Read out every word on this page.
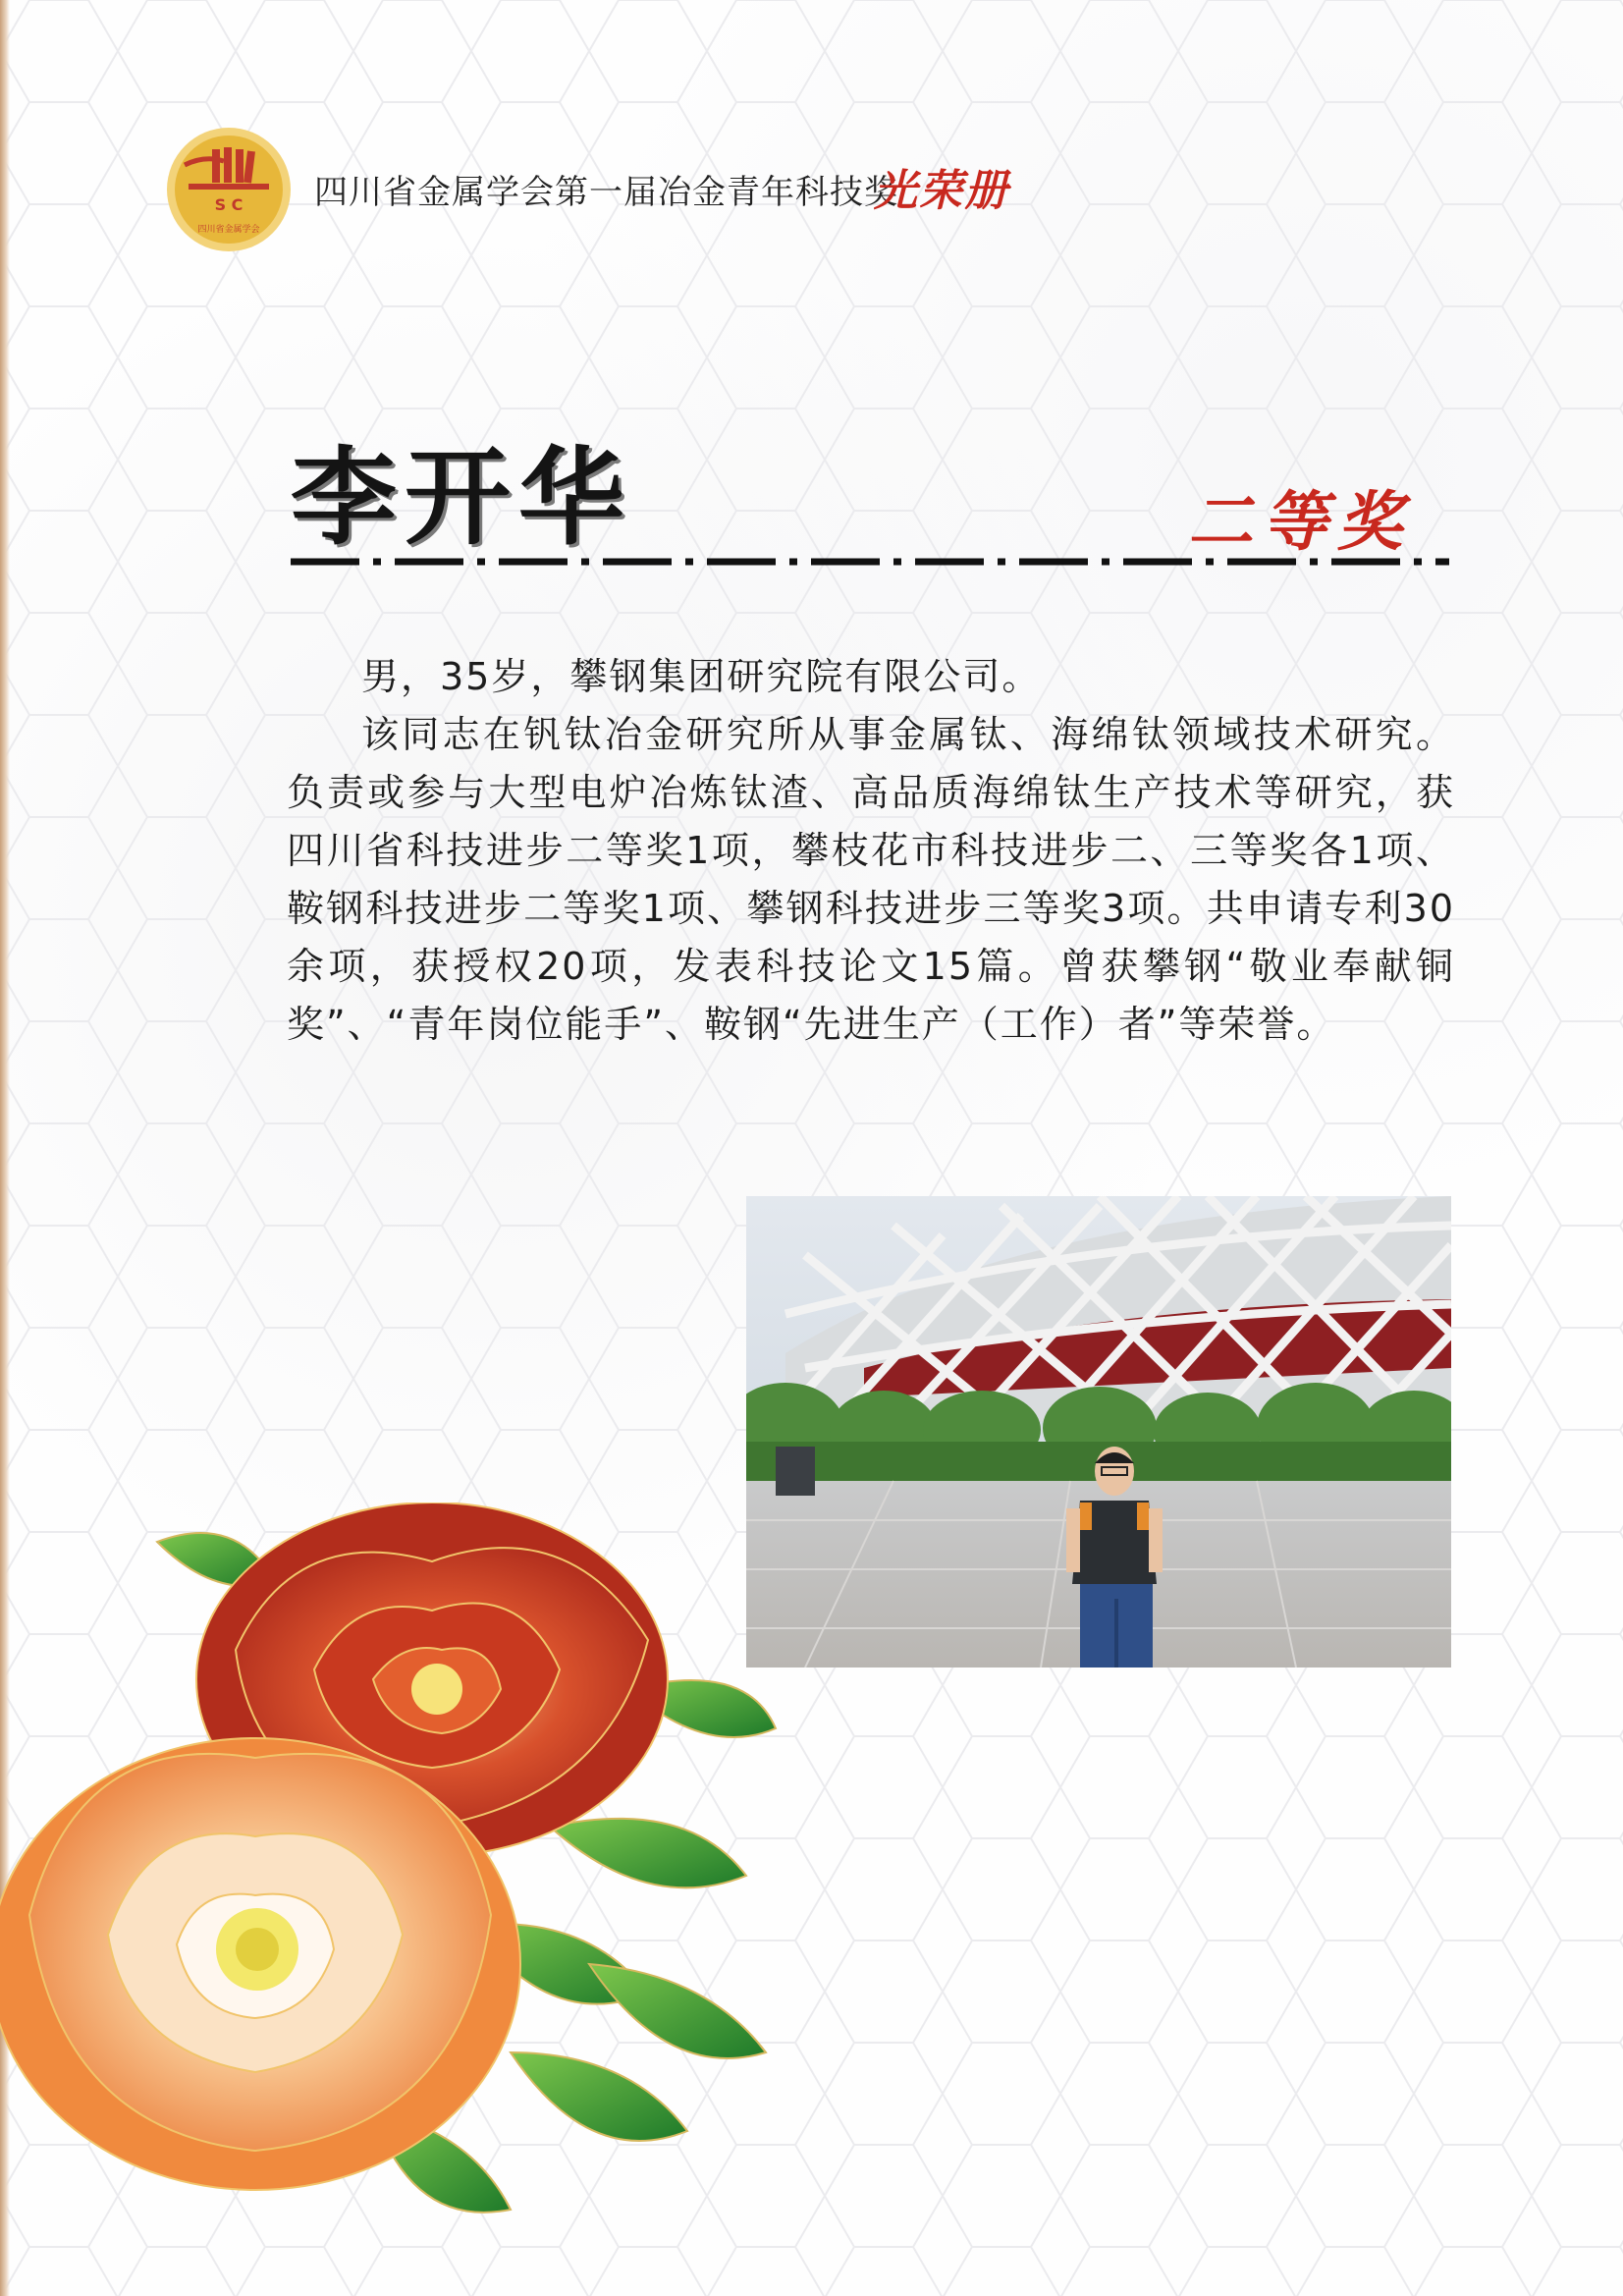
S C
四川省金属学会
四川省金属学会第一届冶金青年科技奖
光荣册
李开华	二等奖

男，35岁，攀钢集团研究院有限公司。

该同志在钒钛冶金研究所从事金属钛、海绵钛领域技术研究。负责或参与大型电炉冶炼钛渣、高品质海绵钛生产技术等研究，获四川省科技进步二等奖1项，攀枝花市科技进步二、三等奖各1项、鞍钢科技进步二等奖1项、攀钢科技进步三等奖3项。共申请专利30余项，获授权20项，发表科技论文15篇。曾获攀钢“敬业奉献铜奖”、“青年岗位能手”、鞍钢“先进生产（工作）者”等荣誉。
